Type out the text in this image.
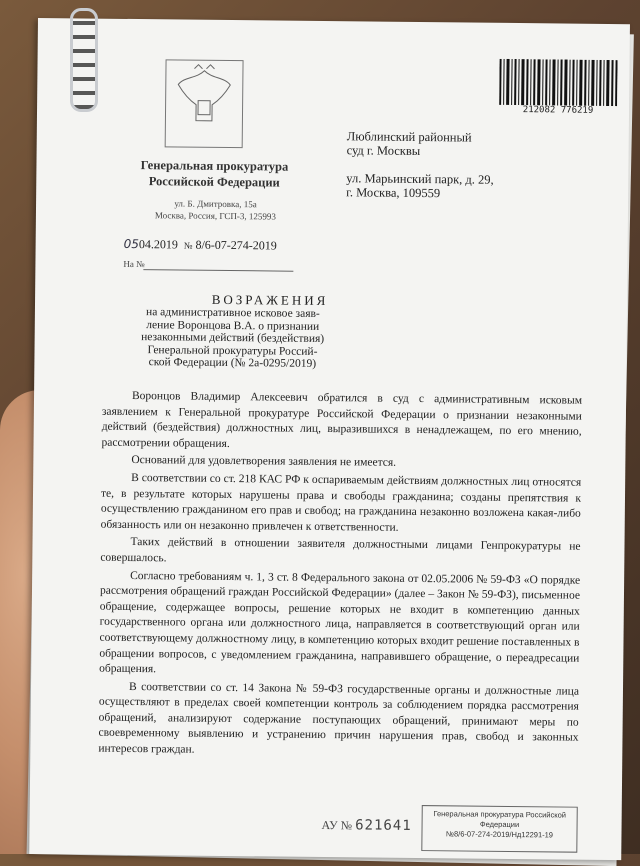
Генеральная прокуратура
Российской Федерации
ул. Б. Дмитровка, 15а
Москва, Россия, ГСП-3, 125993
0504.2019 № 8/6-07-274-2019
На №
212082 776219
Люблинский районный
суд г. Москвы
ул. Марьинский парк, д. 29,
г. Москва, 109559
ВОЗРАЖЕНИЯ
на административное исковое заяв-
ление Воронцова В.А. о признании
незаконными действий (бездействия)
Генеральной прокуратуры Россий-
ской Федерации (№ 2а-0295/2019)

Воронцов Владимир Алексеевич обратился в суд с административным исковым заявлением к Генеральной прокуратуре Российской Федерации о признании незаконными действий (бездействия) должностных лиц, выразившихся в ненадлежащем, по его мнению, рассмотрении обращения.

Оснований для удовлетворения заявления не имеется.

В соответствии со ст. 218 КАС РФ к оспариваемым действиям должностных лиц относятся те, в результате которых нарушены права и свободы гражданина; созданы препятствия к осуществлению гражданином его прав и свобод; на гражданина незаконно возложена какая-либо обязанность или он незаконно привлечен к ответственности.

Таких действий в отношении заявителя должностными лицами Генпрокуратуры не совершалось.

Согласно требованиям ч. 1, 3 ст. 8 Федерального закона от 02.05.2006 № 59-ФЗ «О порядке рассмотрения обращений граждан Российской Федерации» (далее – Закон № 59-ФЗ), письменное обращение, содержащее вопросы, решение которых не входит в компетенцию данных государственного органа или должностного лица, направляется в соответствующий орган или соответствующему должностному лицу, в компетенцию которых входит решение поставленных в обращении вопросов, с уведомлением гражданина, направившего обращение, о переадресации обращения.

В соответствии со ст. 14 Закона № 59-ФЗ государственные органы и должностные лица осуществляют в пределах своей компетенции контроль за соблюдением порядка рассмотрения обращений, анализируют содержание поступающих обращений, принимают меры по своевременному выявлению и устранению причин нарушения прав, свобод и законных интересов граждан.

АУ № 621641
Генеральная прокуратура Российской
Федерации
№8/6-07-274-2019/Нд12291-19
